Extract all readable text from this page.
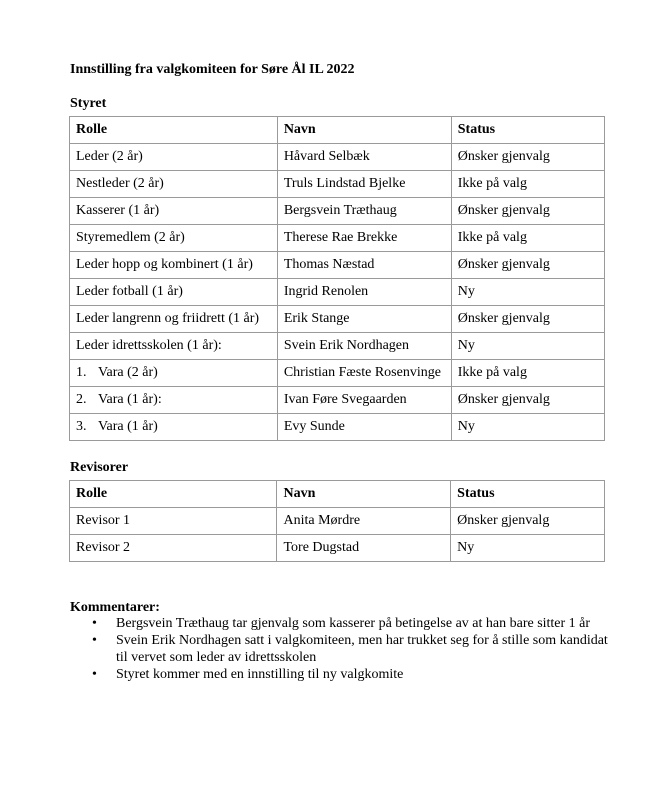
Innstilling fra valgkomiteen for Søre Ål IL 2022
Styret
Rolle	Navn	Status
Leder (2 år)	Håvard Selbæk	Ønsker gjenvalg
Nestleder (2 år)	Truls Lindstad Bjelke	Ikke på valg
Kasserer (1 år)	Bergsvein Træthaug	Ønsker gjenvalg
Styremedlem (2 år)	Therese Rae Brekke	Ikke på valg
Leder hopp og kombinert (1 år)	Thomas Næstad	Ønsker gjenvalg
Leder fotball (1 år)	Ingrid Renolen	Ny
Leder langrenn og friidrett (1 år)	Erik Stange	Ønsker gjenvalg
Leder idrettsskolen (1 år):	Svein Erik Nordhagen	Ny
1. Vara (2 år)	Christian Fæste Rosenvinge	Ikke på valg
2. Vara (1 år):	Ivan Føre Svegaarden	Ønsker gjenvalg
3. Vara (1 år)	Evy Sunde	Ny
Revisorer
Rolle	Navn	Status
Revisor 1	Anita Mørdre	Ønsker gjenvalg
Revisor 2	Tore Dugstad	Ny
Kommentarer:
• Bergsvein Træthaug tar gjenvalg som kasserer på betingelse av at han bare sitter 1 år
• Svein Erik Nordhagen satt i valgkomiteen, men har trukket seg for å stille som kandidat til vervet som leder av idrettsskolen
• Styret kommer med en innstilling til ny valgkomite
